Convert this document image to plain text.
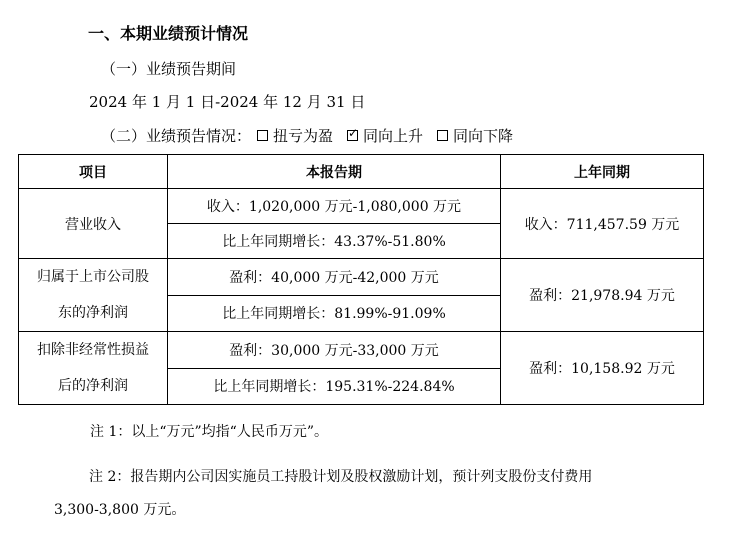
一、本期业绩预计情况
（一）业绩预告期间
2024 年 1 月 1 日-2024 年 12 月 31 日
（二）业绩预告情况： 扭亏为盈 ✓ 同向上升 同向下降
项目	本报告期	上年同期
营业收入	收入：1,020,000 万元-1,080,000 万元	收入：711,457.59 万元
	比上年同期增长：43.37%-51.80%	
归属于上市公司股
东的净利润	盈利：40,000 万元-42,000 万元	盈利：21,978.94 万元
	比上年同期增长：81.99%-91.09%	
扣除非经常性损益
后的净利润	盈利：30,000 万元-33,000 万元	盈利：10,158.92 万元
	比上年同期增长：195.31%-224.84%	
注 1：以上“万元”均指“人民币万元”。
注 2：报告期内公司因实施员工持股计划及股权激励计划，预计列支股份支付费用
3,300-3,800 万元。
